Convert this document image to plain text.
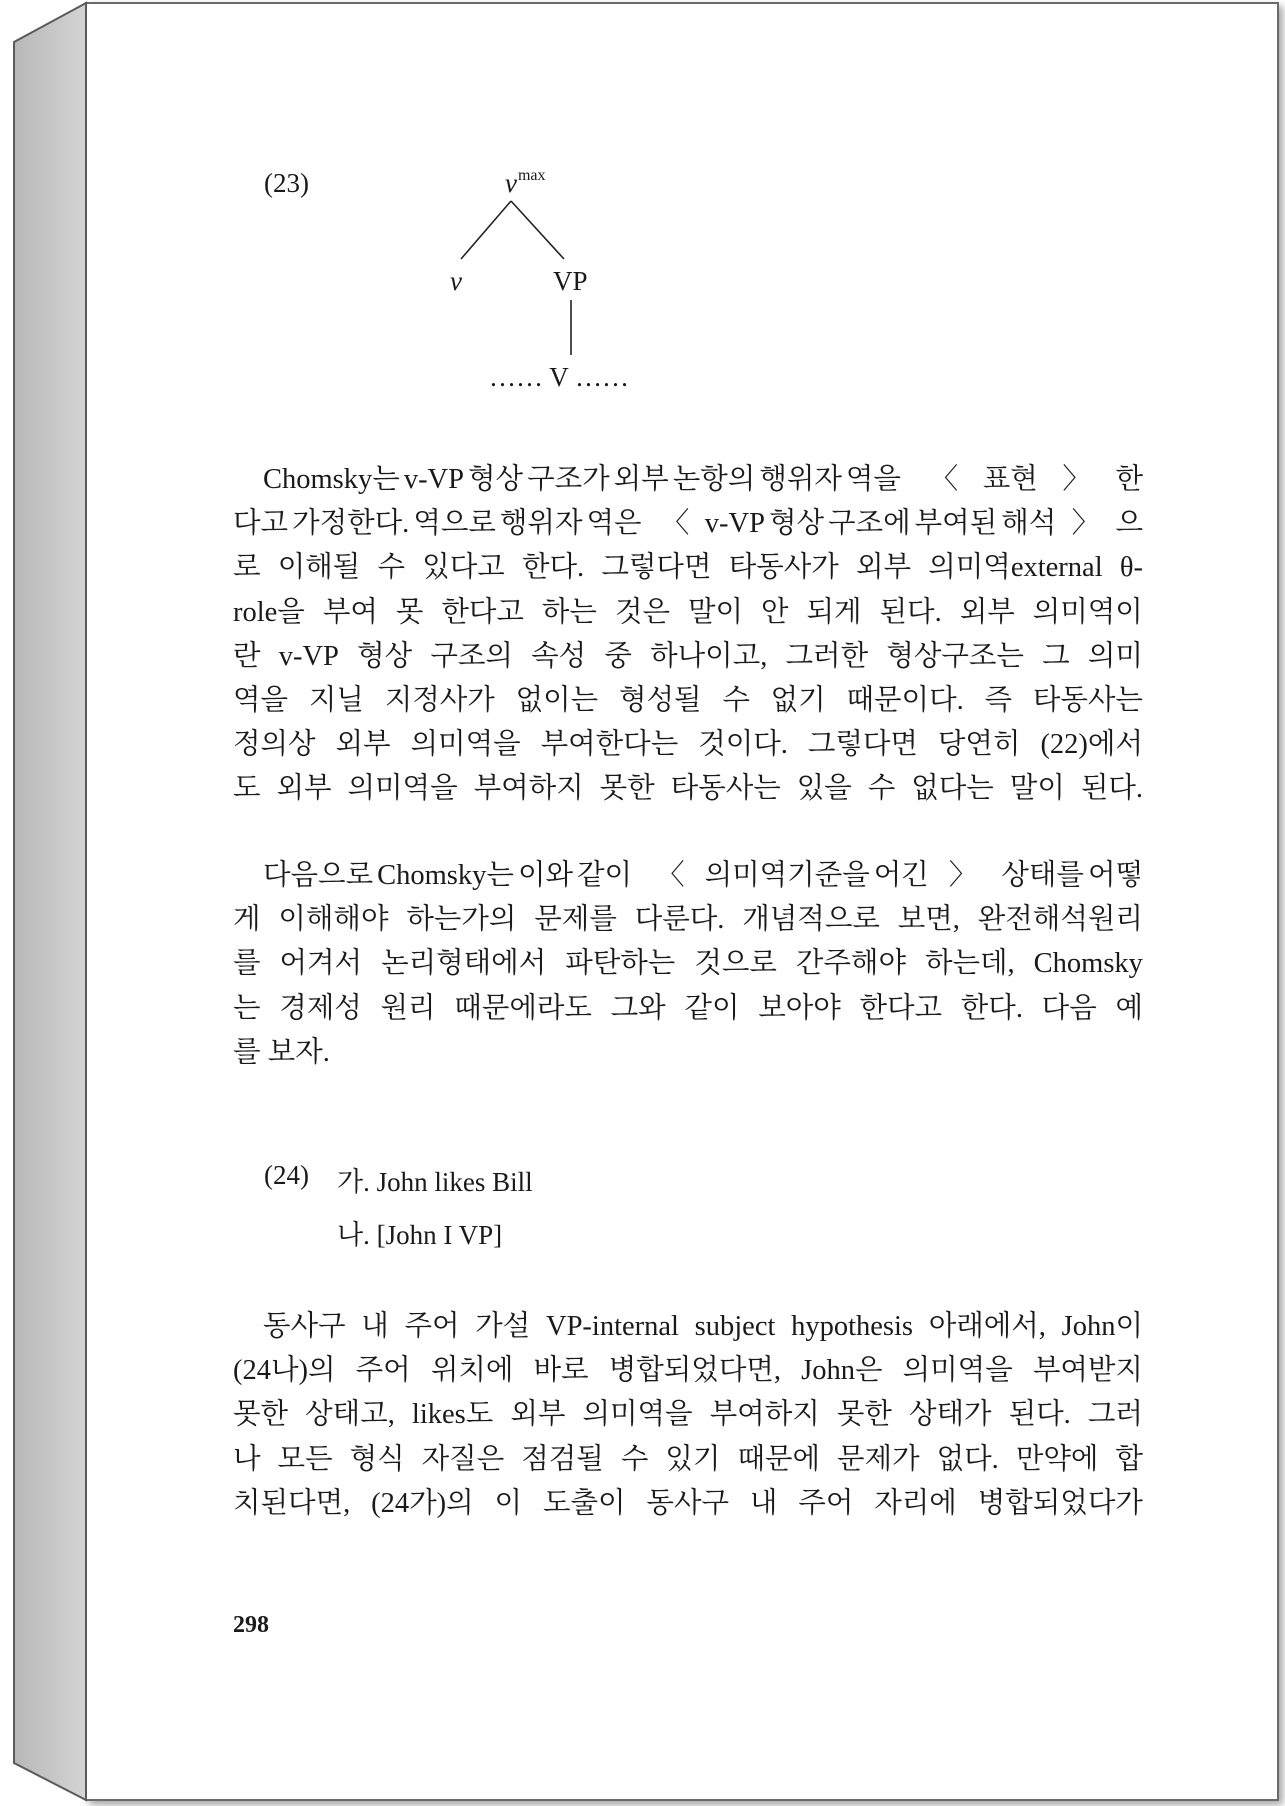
(23)	$v^{max}$
v	VP
…… V ……
Chomsky는 v-VP 형상 구조가 외부 논항의 행위자 역을 〈표현〉한
다고 가정한다. 역으로 행위자 역은 〈v-VP 형상 구조에 부여된 해석〉으
로 이해될 수 있다고 한다. 그렇다면 타동사가 외부 의미역external θ-
role을 부여 못 한다고 하는 것은 말이 안 되게 된다. 외부 의미역이
란 v-VP 형상 구조의 속성 중 하나이고, 그러한 형상구조는 그 의미
역을 지닐 지정사가 없이는 형성될 수 없기 때문이다. 즉 타동사는
정의상 외부 의미역을 부여한다는 것이다. 그렇다면 당연히 (22)에서
도 외부 의미역을 부여하지 못한 타동사는 있을 수 없다는 말이 된다.
다음으로 Chomsky는 이와 같이 〈의미역기준을 어긴〉 상태를 어떻
게 이해해야 하는가의 문제를 다룬다. 개념적으로 보면, 완전해석원리
를 어겨서 논리형태에서 파탄하는 것으로 간주해야 하는데, Chomsky
는 경제성 원리 때문에라도 그와 같이 보아야 한다고 한다. 다음 예
를 보자.
(24) 가. John likes Bill
나. [John I VP]
동사구 내 주어 가설 VP-internal subject hypothesis 아래에서, John이
(24나)의 주어 위치에 바로 병합되었다면, John은 의미역을 부여받지
못한 상태고, likes도 외부 의미역을 부여하지 못한 상태가 된다. 그러
나 모든 형식 자질은 점검될 수 있기 때문에 문제가 없다. 만약에 합
치된다면, (24가)의 이 도출이 동사구 내 주어 자리에 병합되었다가
298
